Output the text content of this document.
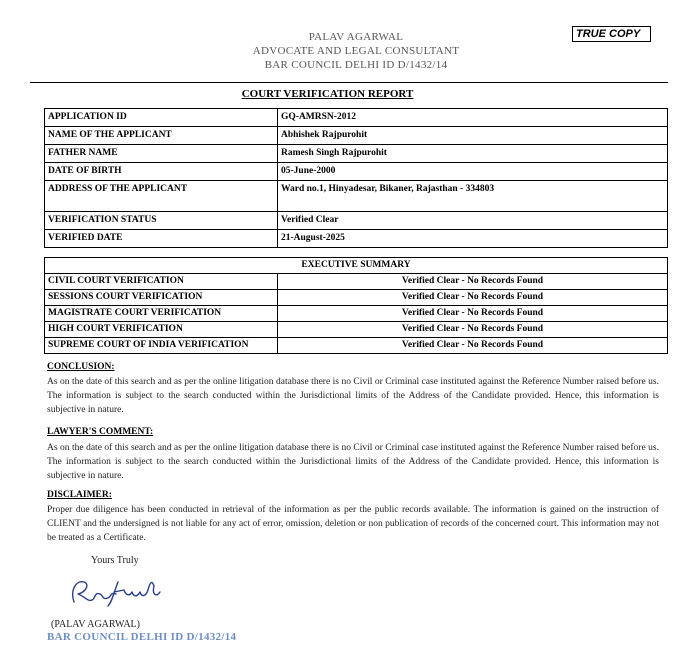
PALAV AGARWAL
ADVOCATE AND LEGAL CONSULTANT
BAR COUNCIL DELHI ID D/1432/14
TRUE COPY
COURT VERIFICATION REPORT
APPLICATION ID	GQ-AMRSN-2012
NAME OF THE APPLICANT	Abhishek Rajpurohit
FATHER NAME	Ramesh Singh Rajpurohit
DATE OF BIRTH	05-June-2000
ADDRESS OF THE APPLICANT	Ward no.1, Hinyadesar, Bikaner, Rajasthan - 334803
VERIFICATION STATUS	Verified Clear
VERIFIED DATE	21-August-2025
EXECUTIVE SUMMARY	
CIVIL COURT VERIFICATION	Verified Clear - No Records Found
SESSIONS COURT VERIFICATION	Verified Clear - No Records Found
MAGISTRATE COURT VERIFICATION	Verified Clear - No Records Found
HIGH COURT VERIFICATION	Verified Clear - No Records Found
SUPREME COURT OF INDIA VERIFICATION	Verified Clear - No Records Found
CONCLUSION:
As on the date of this search and as per the online litigation database there is no Civil or Criminal case instituted against the Reference Number raised before us. The information is subject to the search conducted within the Jurisdictional limits of the Address of the Candidate provided. Hence, this information is subjective in nature.
LAWYER'S COMMENT:
As on the date of this search and as per the online litigation database there is no Civil or Criminal case instituted against the Reference Number raised before us. The information is subject to the search conducted within the Jurisdictional limits of the Address of the Candidate provided. Hence, this information is subjective in nature.
DISCLAIMER:
Proper due diligence has been conducted in retrieval of the information as per the public records available. The information is gained on the instruction of CLIENT and the undersigned is not liable for any act of error, omission, deletion or non publication of records of the concerned court. This information may not be treated as a Certificate.
Yours Truly
(PALAV AGARWAL)
BAR COUNCIL DELHI ID D/1432/14
